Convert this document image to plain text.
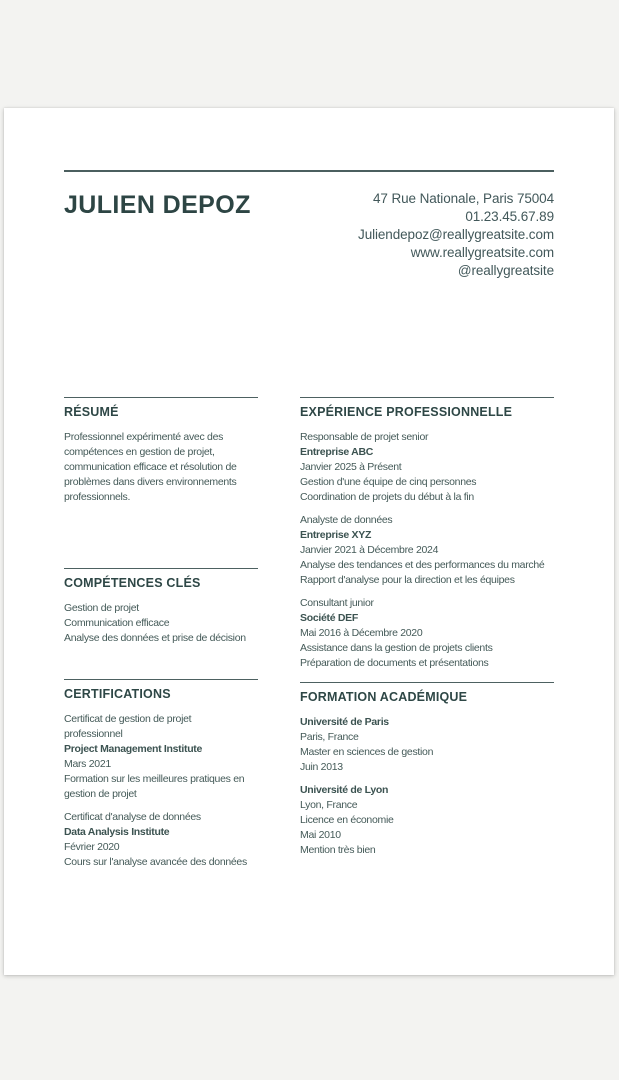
JULIEN DEPOZ	47 Rue Nationale, Paris 75004
01.23.45.67.89
Juliendepoz@reallygreatsite.com
www.reallygreatsite.com
@reallygreatsite
RÉSUMÉ

Professionnel expérimenté avec des compétences en gestion de projet, communication efficace et résolution de problèmes dans divers environnements professionnels.

COMPÉTENCES CLÉS
Gestion de projet
Communication efficace
Analyse des données et prise de décision
CERTIFICATIONS
Certificat de gestion de projet professionnel
Project Management Institute
Mars 2021
Formation sur les meilleures pratiques en gestion de projet
Certificat d'analyse de données
Data Analysis Institute
Février 2020
Cours sur l'analyse avancée des données
EXPÉRIENCE PROFESSIONNELLE
Responsable de projet senior
Entreprise ABC
Janvier 2025 à Présent
Gestion d'une équipe de cinq personnes
Coordination de projets du début à la fin
Analyste de données
Entreprise XYZ
Janvier 2021 à Décembre 2024
Analyse des tendances et des performances du marché
Rapport d'analyse pour la direction et les équipes
Consultant junior
Société DEF
Mai 2016 à Décembre 2020
Assistance dans la gestion de projets clients
Préparation de documents et présentations
FORMATION ACADÉMIQUE
Université de Paris
Paris, France
Master en sciences de gestion
Juin 2013
Université de Lyon
Lyon, France
Licence en économie
Mai 2010
Mention très bien
